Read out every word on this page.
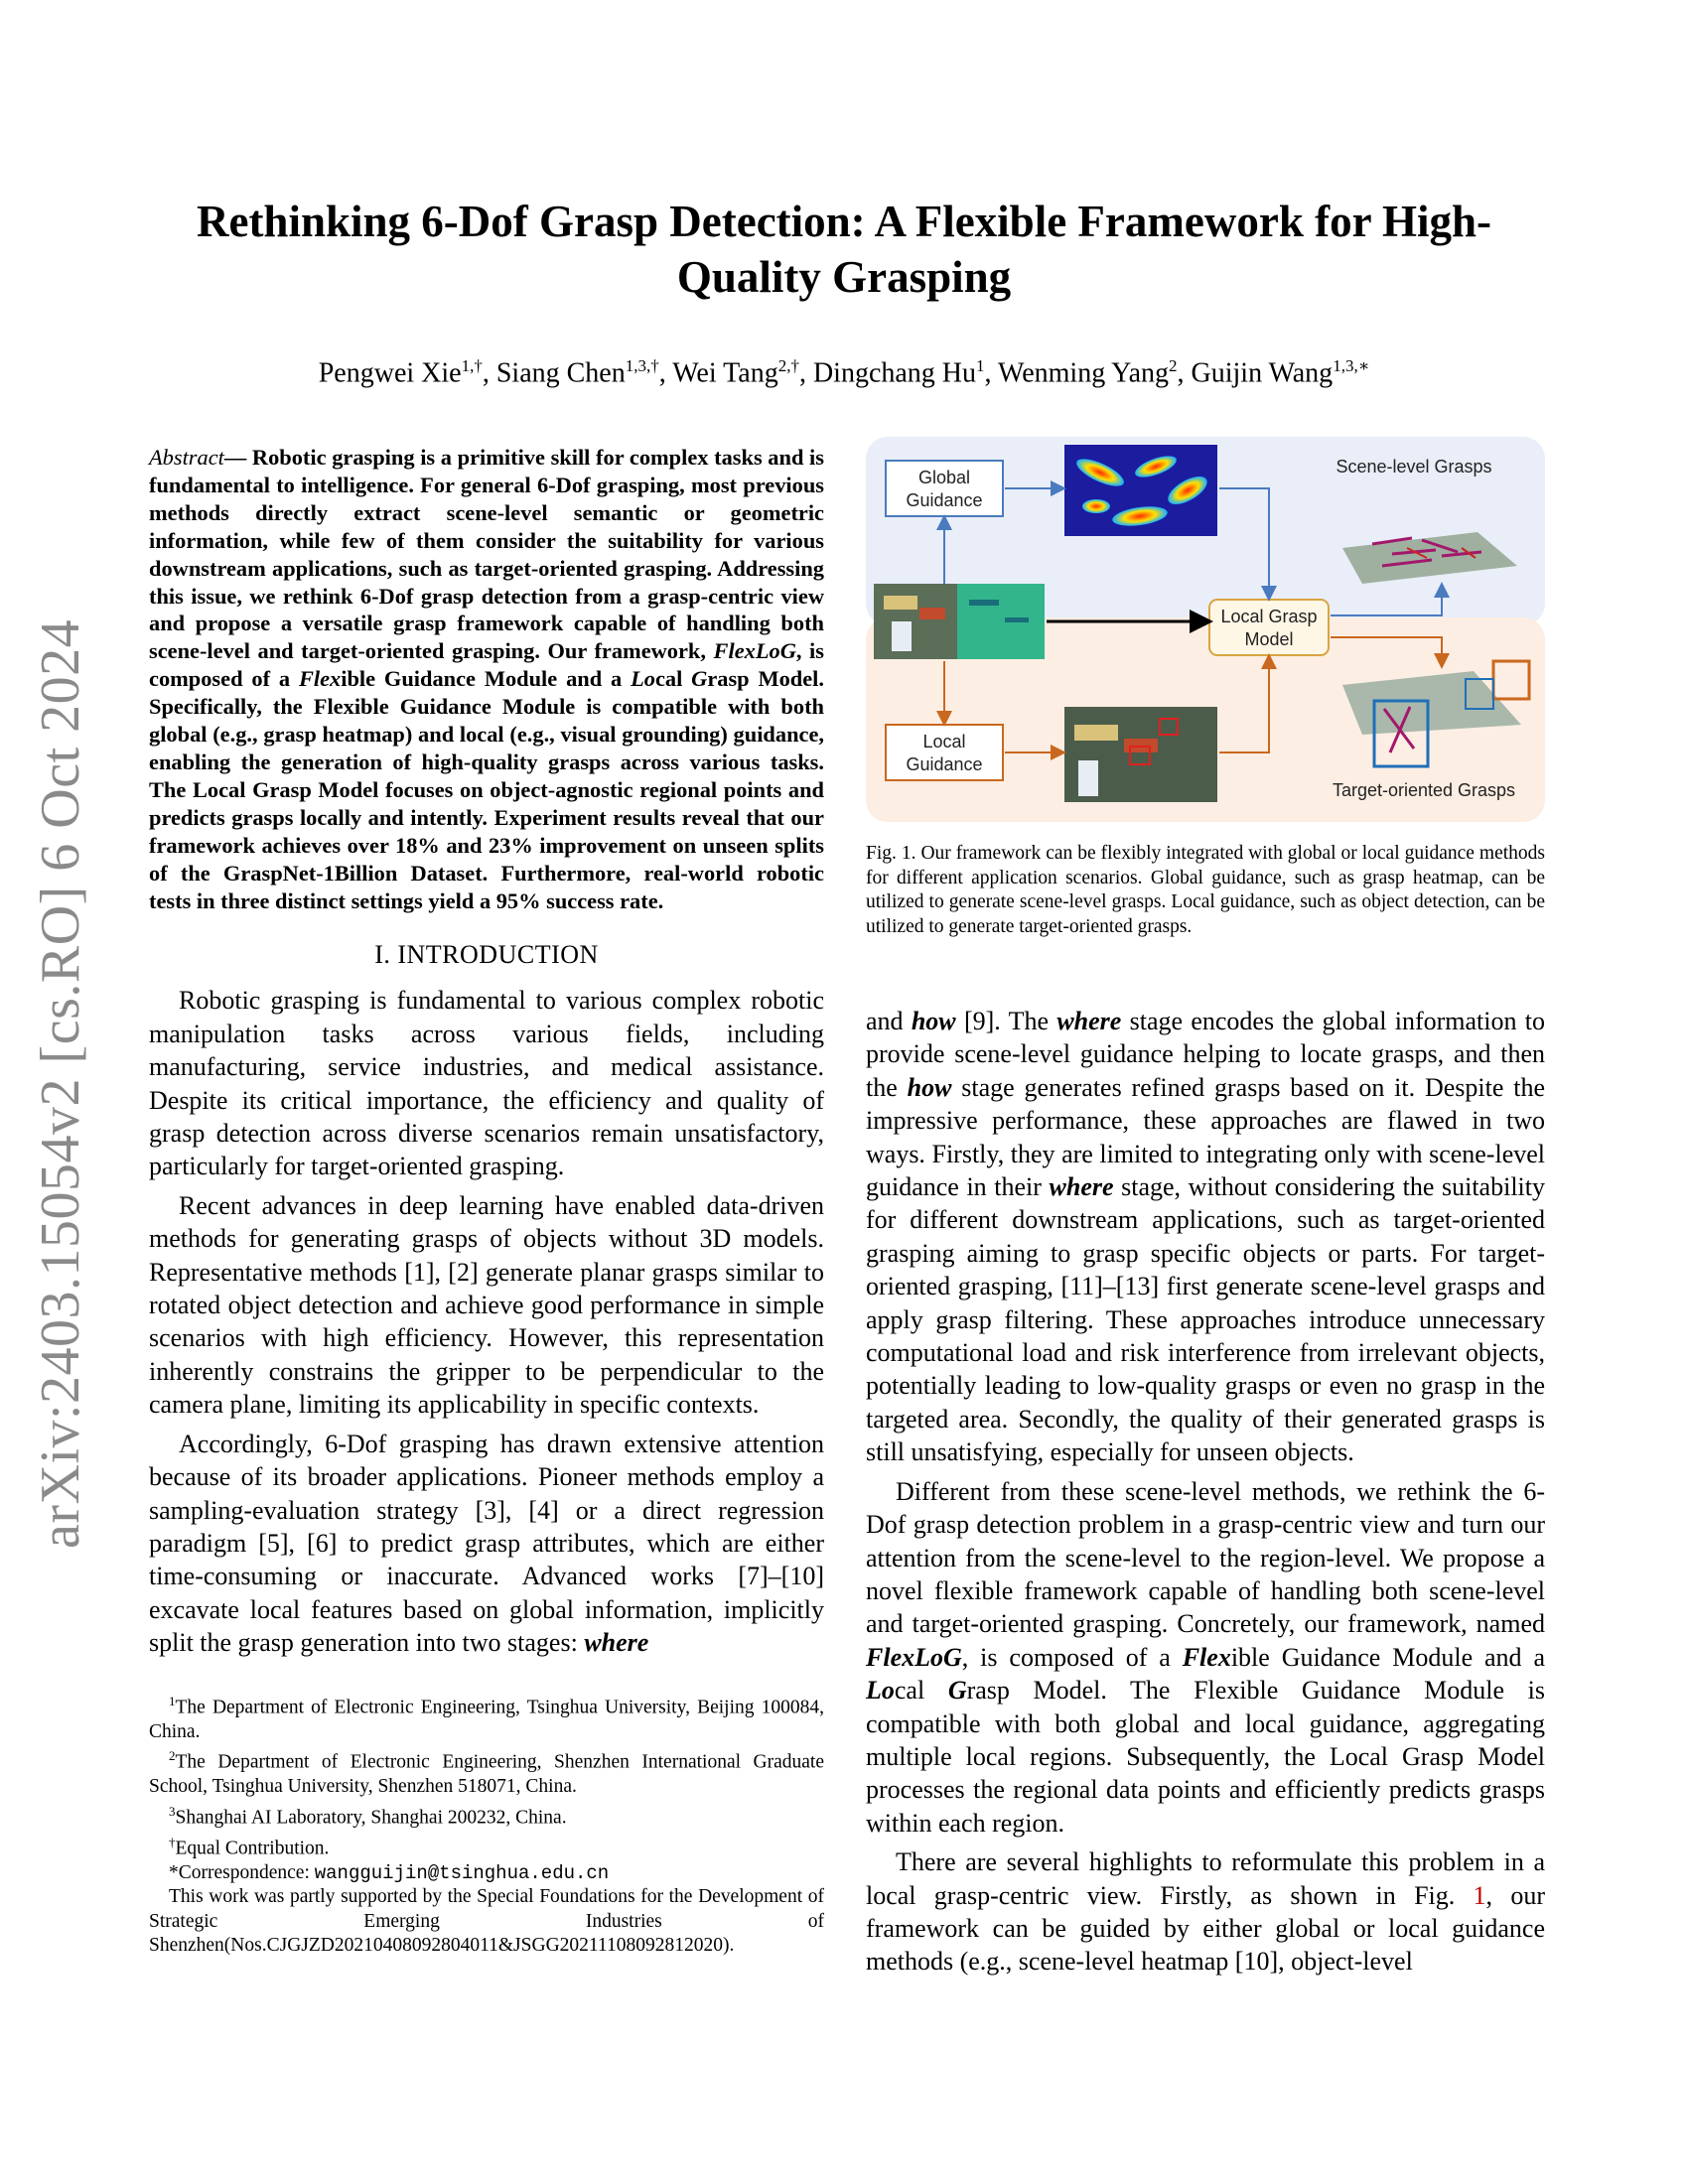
arXiv:2403.15054v2 [cs.RO] 6 Oct 2024
Rethinking 6-Dof Grasp Detection: A Flexible Framework for High-Quality Grasping
Pengwei Xie$^{1,\dagger}$, Siang Chen$^{1,3,\dagger}$, Wei Tang$^{2,\dagger}$, Dingchang Hu$^1$, Wenming Yang$^2$, Guijin Wang$^{1,3,∗}$
Abstract— Robotic grasping is a primitive skill for complex tasks and is fundamental to intelligence. For general 6-Dof grasping, most previous methods directly extract scene-level semantic or geometric information, while few of them consider the suitability for various downstream applications, such as target-oriented grasping. Addressing this issue, we rethink 6-Dof grasp detection from a grasp-centric view and propose a versatile grasp framework capable of handling both scene-level and target-oriented grasping. Our framework, FlexLoG, is composed of a Flexible Guidance Module and a Local Grasp Model. Specifically, the Flexible Guidance Module is compatible with both global (e.g., grasp heatmap) and local (e.g., visual grounding) guidance, enabling the generation of high-quality grasps across various tasks. The Local Grasp Model focuses on object-agnostic regional points and predicts grasps locally and intently. Experiment results reveal that our framework achieves over 18% and 23% improvement on unseen splits of the GraspNet-1Billion Dataset. Furthermore, real-world robotic tests in three distinct settings yield a 95% success rate.
I. INTRODUCTION

Robotic grasping is fundamental to various complex robotic manipulation tasks across various fields, including manufacturing, service industries, and medical assistance. Despite its critical importance, the efficiency and quality of grasp detection across diverse scenarios remain unsatisfactory, particularly for target-oriented grasping.

Recent advances in deep learning have enabled data-driven methods for generating grasps of objects without 3D models. Representative methods [1], [2] generate planar grasps similar to rotated object detection and achieve good performance in simple scenarios with high efficiency. However, this representation inherently constrains the gripper to be perpendicular to the camera plane, limiting its applicability in specific contexts.

Accordingly, 6-Dof grasping has drawn extensive attention because of its broader applications. Pioneer methods employ a sampling-evaluation strategy [3], [4] or a direct regression paradigm [5], [6] to predict grasp attributes, which are either time-consuming or inaccurate. Advanced works [7]–[10] excavate local features based on global information, implicitly split the grasp generation into two stages: where

$^1$The Department of Electronic Engineering, Tsinghua University, Beijing 100084, China.

$^2$The Department of Electronic Engineering, Shenzhen International Graduate School, Tsinghua University, Shenzhen 518071, China.

$^3$Shanghai AI Laboratory, Shanghai 200232, China.

†Equal Contribution.

*Correspondence: wangguijin@tsinghua.edu.cn

This work was partly supported by the Special Foundations for the Development of Strategic Emerging Industries of Shenzhen(Nos.CJGJZD20210408092804011&JSGG20211108092812020).

Global
Guidance
Scene-level Grasps
Local Grasp
Model
Target-oriented Grasps
Local
Guidance
Fig. 1. Our framework can be flexibly integrated with global or local guidance methods for different application scenarios. Global guidance, such as grasp heatmap, can be utilized to generate scene-level grasps. Local guidance, such as object detection, can be utilized to generate target-oriented grasps.

and how [9]. The where stage encodes the global information to provide scene-level guidance helping to locate grasps, and then the how stage generates refined grasps based on it. Despite the impressive performance, these approaches are flawed in two ways. Firstly, they are limited to integrating only with scene-level guidance in their where stage, without considering the suitability for different downstream applications, such as target-oriented grasping aiming to grasp specific objects or parts. For target-oriented grasping, [11]–[13] first generate scene-level grasps and apply grasp filtering. These approaches introduce unnecessary computational load and risk interference from irrelevant objects, potentially leading to low-quality grasps or even no grasp in the targeted area. Secondly, the quality of their generated grasps is still unsatisfying, especially for unseen objects.

Different from these scene-level methods, we rethink the 6-Dof grasp detection problem in a grasp-centric view and turn our attention from the scene-level to the region-level. We propose a novel flexible framework capable of handling both scene-level and target-oriented grasping. Concretely, our framework, named FlexLoG, is composed of a Flexible Guidance Module and a Local Grasp Model. The Flexible Guidance Module is compatible with both global and local guidance, aggregating multiple local regions. Subsequently, the Local Grasp Model processes the regional data points and efficiently predicts grasps within each region.

There are several highlights to reformulate this problem in a local grasp-centric view. Firstly, as shown in Fig. 1, our framework can be guided by either global or local guidance methods (e.g., scene-level heatmap [10], object-level
